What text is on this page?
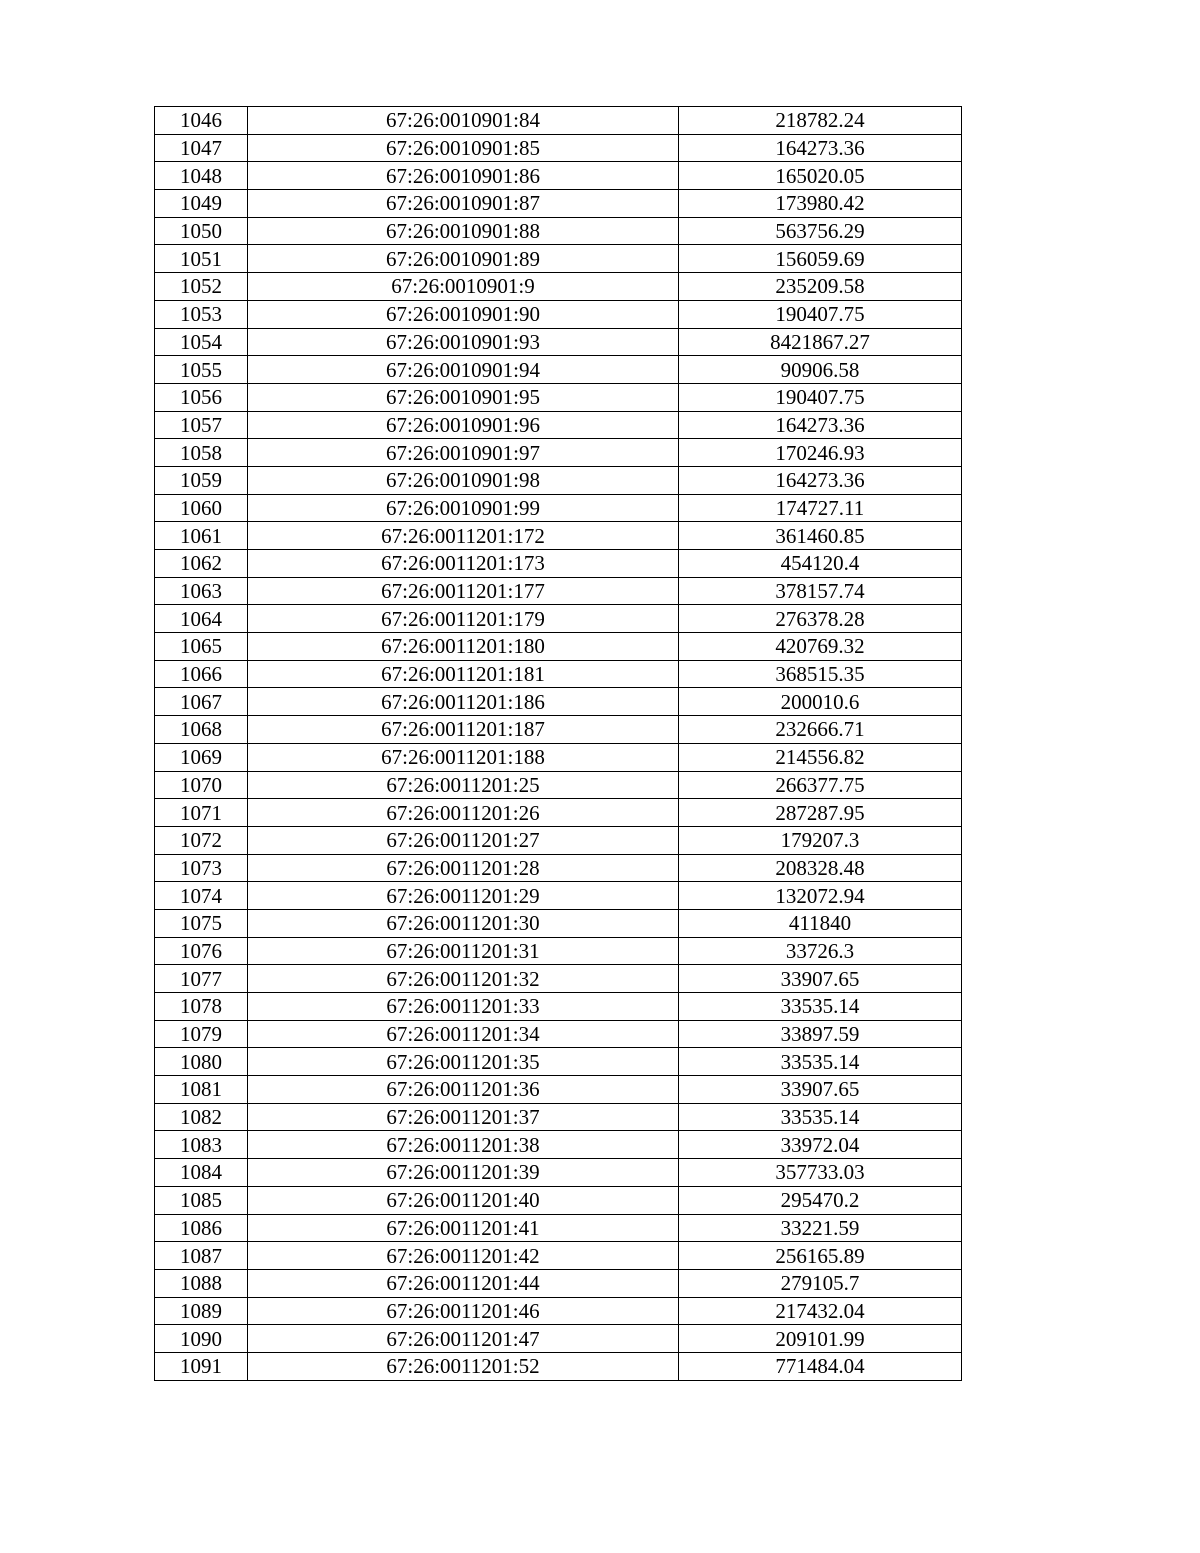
1046	67:26:0010901:84	218782.24
1047	67:26:0010901:85	164273.36
1048	67:26:0010901:86	165020.05
1049	67:26:0010901:87	173980.42
1050	67:26:0010901:88	563756.29
1051	67:26:0010901:89	156059.69
1052	67:26:0010901:9	235209.58
1053	67:26:0010901:90	190407.75
1054	67:26:0010901:93	8421867.27
1055	67:26:0010901:94	90906.58
1056	67:26:0010901:95	190407.75
1057	67:26:0010901:96	164273.36
1058	67:26:0010901:97	170246.93
1059	67:26:0010901:98	164273.36
1060	67:26:0010901:99	174727.11
1061	67:26:0011201:172	361460.85
1062	67:26:0011201:173	454120.4
1063	67:26:0011201:177	378157.74
1064	67:26:0011201:179	276378.28
1065	67:26:0011201:180	420769.32
1066	67:26:0011201:181	368515.35
1067	67:26:0011201:186	200010.6
1068	67:26:0011201:187	232666.71
1069	67:26:0011201:188	214556.82
1070	67:26:0011201:25	266377.75
1071	67:26:0011201:26	287287.95
1072	67:26:0011201:27	179207.3
1073	67:26:0011201:28	208328.48
1074	67:26:0011201:29	132072.94
1075	67:26:0011201:30	411840
1076	67:26:0011201:31	33726.3
1077	67:26:0011201:32	33907.65
1078	67:26:0011201:33	33535.14
1079	67:26:0011201:34	33897.59
1080	67:26:0011201:35	33535.14
1081	67:26:0011201:36	33907.65
1082	67:26:0011201:37	33535.14
1083	67:26:0011201:38	33972.04
1084	67:26:0011201:39	357733.03
1085	67:26:0011201:40	295470.2
1086	67:26:0011201:41	33221.59
1087	67:26:0011201:42	256165.89
1088	67:26:0011201:44	279105.7
1089	67:26:0011201:46	217432.04
1090	67:26:0011201:47	209101.99
1091	67:26:0011201:52	771484.04
